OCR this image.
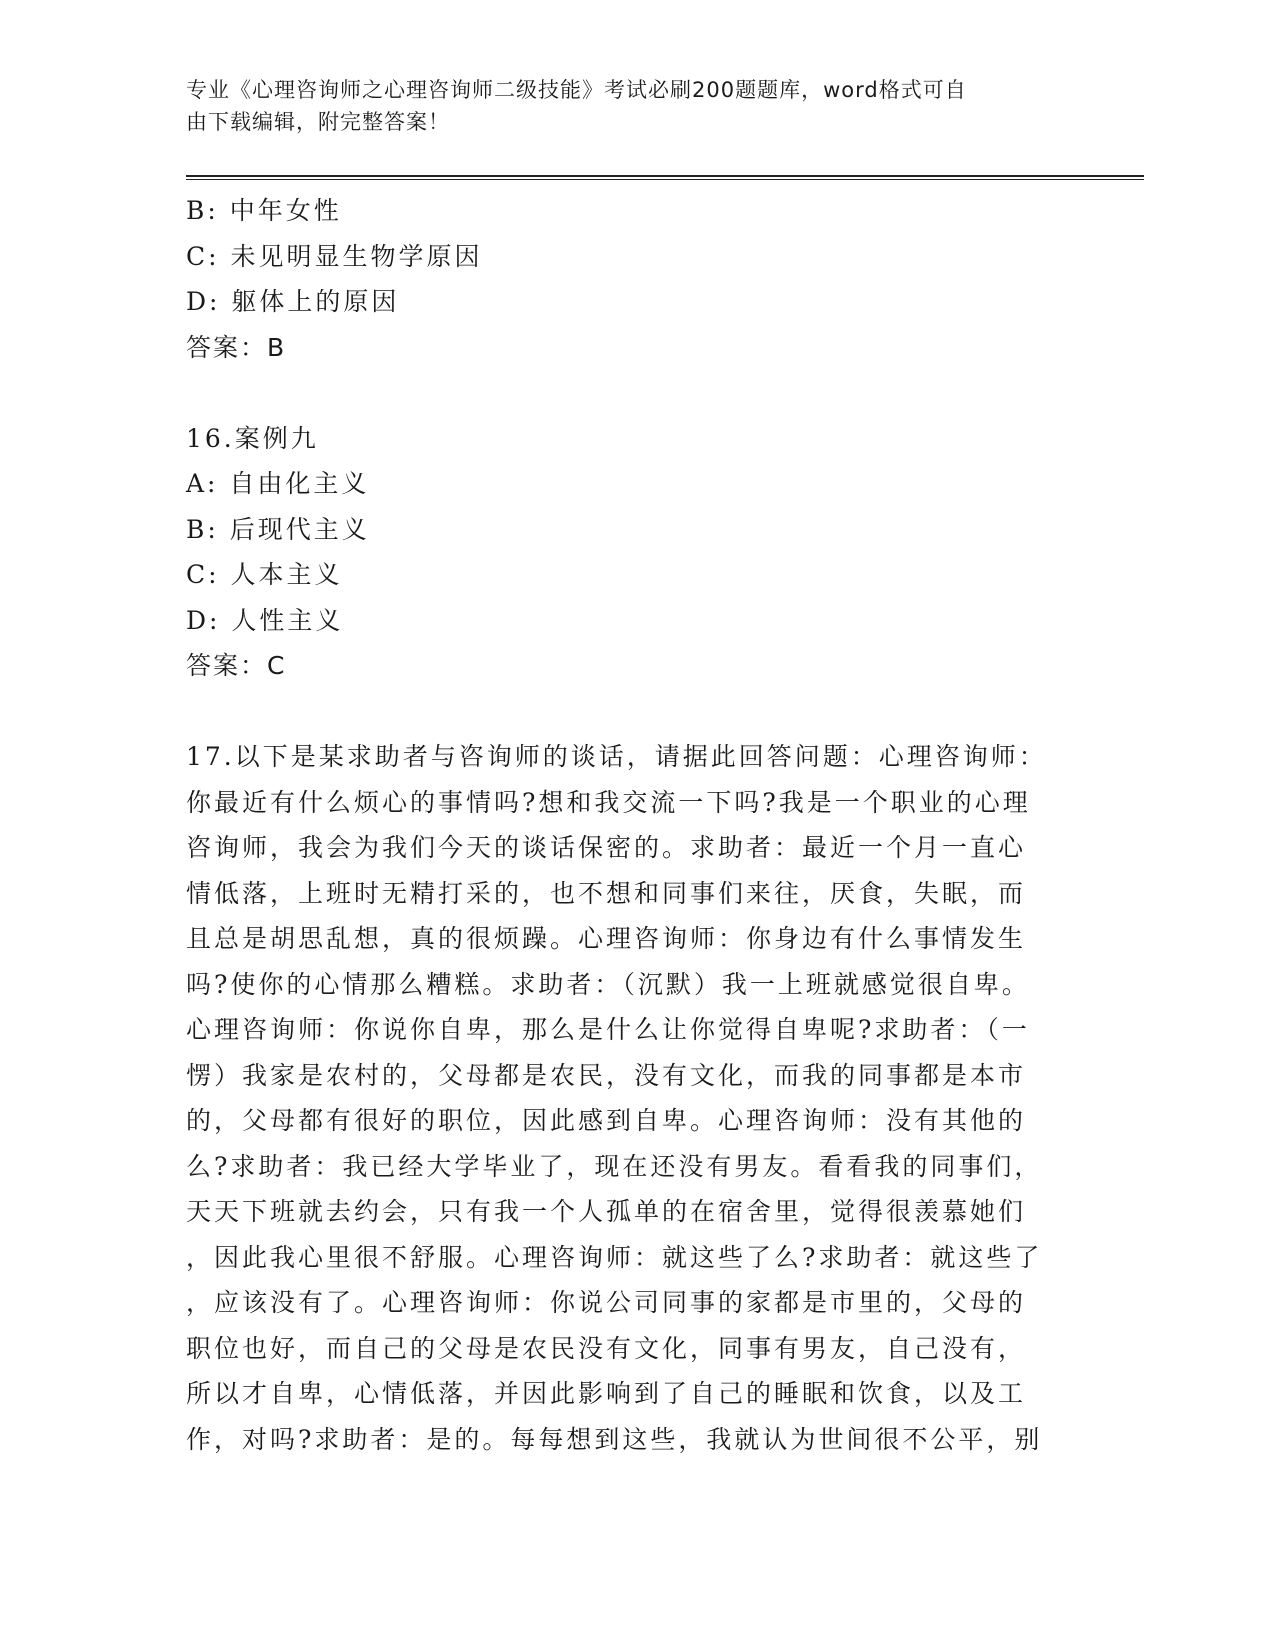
专业《心理咨询师之心理咨询师二级技能》考试必刷200题题库，word格式可自
由下载编辑，附完整答案！

B: 中年女性

C: 未见明显生物学原因

D: 躯体上的原因

答案：B

16.案例九

A: 自由化主义

B: 后现代主义

C: 人本主义

D: 人性主义

答案：C

17.以下是某求助者与咨询师的谈话，请据此回答问题：心理咨询师：

你最近有什么烦心的事情吗?想和我交流一下吗?我是一个职业的心理

咨询师，我会为我们今天的谈话保密的。求助者：最近一个月一直心

情低落，上班时无精打采的，也不想和同事们来往，厌食，失眠，而

且总是胡思乱想，真的很烦躁。心理咨询师：你身边有什么事情发生

吗?使你的心情那么糟糕。求助者：（沉默）我一上班就感觉很自卑。

心理咨询师：你说你自卑，那么是什么让你觉得自卑呢?求助者：（一

愣）我家是农村的，父母都是农民，没有文化，而我的同事都是本市

的，父母都有很好的职位，因此感到自卑。心理咨询师：没有其他的

么?求助者：我已经大学毕业了，现在还没有男友。看看我的同事们，

天天下班就去约会，只有我一个人孤单的在宿舍里，觉得很羡慕她们

，因此我心里很不舒服。心理咨询师：就这些了么?求助者：就这些了

，应该没有了。心理咨询师：你说公司同事的家都是市里的，父母的

职位也好，而自己的父母是农民没有文化，同事有男友，自己没有，

所以才自卑，心情低落，并因此影响到了自己的睡眠和饮食，以及工

作，对吗?求助者：是的。每每想到这些，我就认为世间很不公平，别
